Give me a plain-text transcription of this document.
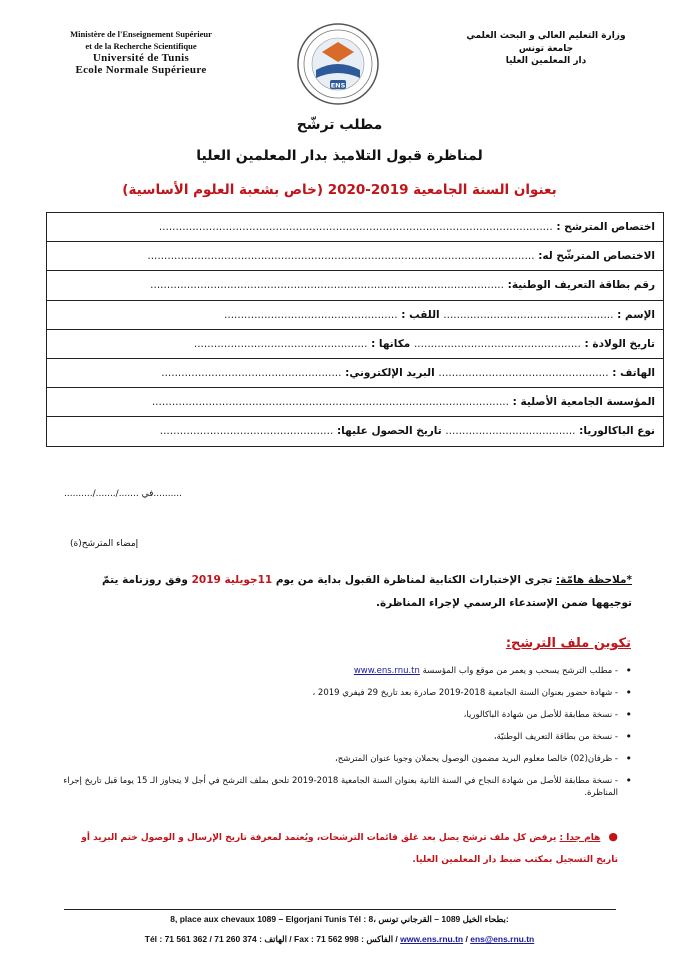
Ministère de l'Enseignement Supérieur
et de la Recherche Scientifique
Université de Tunis
Ecole Normale Supérieure
ENS
وزارة التعليم العالي و البحث العلمي
جامعة تونس
دار المعلمين العليا
مطلب ترشّح
لمناظرة قبول التلاميذ بدار المعلمين العليا
بعنوان السنة الجامعية 2019-2020 (خاص بشعبة العلوم الأساسية)
اختصاص المترشح : ......................................................................................................................
الاختصاص المترشّح له: ....................................................................................................................
رقم بطاقة التعريف الوطنية: ..........................................................................................................
الإسم : ................................................... اللقب : ....................................................
تاريخ الولادة : .................................................. مكانها : ....................................................
الهاتف : ................................................... البريد الإلكتروني: ......................................................
المؤسسة الجامعية الأصلية : ...........................................................................................................
نوع الباكالوريا: ....................................... تاريخ الحصول عليها: ....................................................
..........في ......./......./..........
إمضاء المترشح(ة)
*ملاحظة هامّة: تجرى الإختبارات الكتابية لمناظرة القبول بداية من يوم 11جويلية 2019 وفق روزنامة يتمّ توجيهها ضمن الإستدعاء الرسمي لإجراء المناظرة.
تكوين ملف الترشح:
• - مطلب الترشح يسحب و يعمر من موقع واب المؤسسة www.ens.rnu.tn
• - شهادة حضور بعنوان السنة الجامعية 2018-2019 صادرة بعد تاريخ 29 فيفري 2019 ،
• - نسخة مطابقة للأصل من شهادة الباكالوريا،
• - نسخة من بطاقة التعريف الوطنيّة،
• - ظرفان(02) خالصا معلوم البريد مضمون الوصول يحملان وجوبا عنوان المترشح،
• - نسخة مطابقة للأصل من شهادة النجاح في السنة الثانية بعنوان السنة الجامعية 2018-2019 تلحق بملف الترشح في أجل لا يتجاوز الـ 15 يوما قبل تاريخ إجراء المناظرة.
●هام جدا : يرفض كل ملف ترشح يصل بعد غلق قائمات الترشحات، ويُعتمد لمعرفة تاريخ الإرسال و الوصول ختم البريد أو تاريخ التسجيل بمكتب ضبط دار المعلمين العليا.
8, place aux chevaux 1089 – Elgorjani Tunis Tél : 8، بطحاء الخيل 1089 – القرجاني تونس:
Tél : 71 561 362 / 71 260 374 : الهاتف / Fax : 71 562 998 : الفاكس / www.ens.rnu.tn / ens@ens.rnu.tn
